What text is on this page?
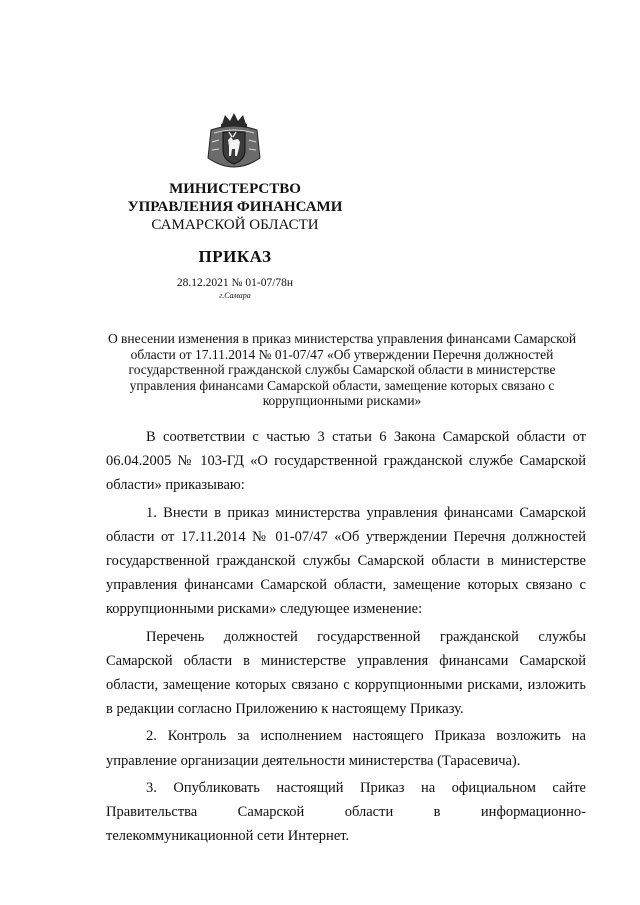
МИНИСТЕРСТВО
УПРАВЛЕНИЯ ФИНАНСАМИ
САМАРСКОЙ ОБЛАСТИ
ПРИКАЗ
28.12.2021 № 01-07/78н
г.Самара
О внесении изменения в приказ министерства управления финансами Самарской области от 17.11.2014 № 01-07/47 «Об утверждении Перечня должностей государственной гражданской службы Самарской области в министерстве управления финансами Самарской области, замещение которых связано с коррупционными рисками»

В соответствии с частью 3 статьи 6 Закона Самарской области от 06.04.2005 № 103-ГД «О государственной гражданской службе Самарской области» приказываю:

1. Внести в приказ министерства управления финансами Самарской области от 17.11.2014 № 01-07/47 «Об утверждении Перечня должностей государственной гражданской службы Самарской области в министерстве управления финансами Самарской области, замещение которых связано с коррупционными рисками» следующее изменение:

Перечень должностей государственной гражданской службы Самарской области в министерстве управления финансами Самарской области, замещение которых связано с коррупционными рисками, изложить в редакции согласно Приложению к настоящему Приказу.

2. Контроль за исполнением настоящего Приказа возложить на управление организации деятельности министерства (Тарасевича).

3. Опубликовать настоящий Приказ на официальном сайте Правительства Самарской области в информационно-телекоммуникационной сети Интернет.
